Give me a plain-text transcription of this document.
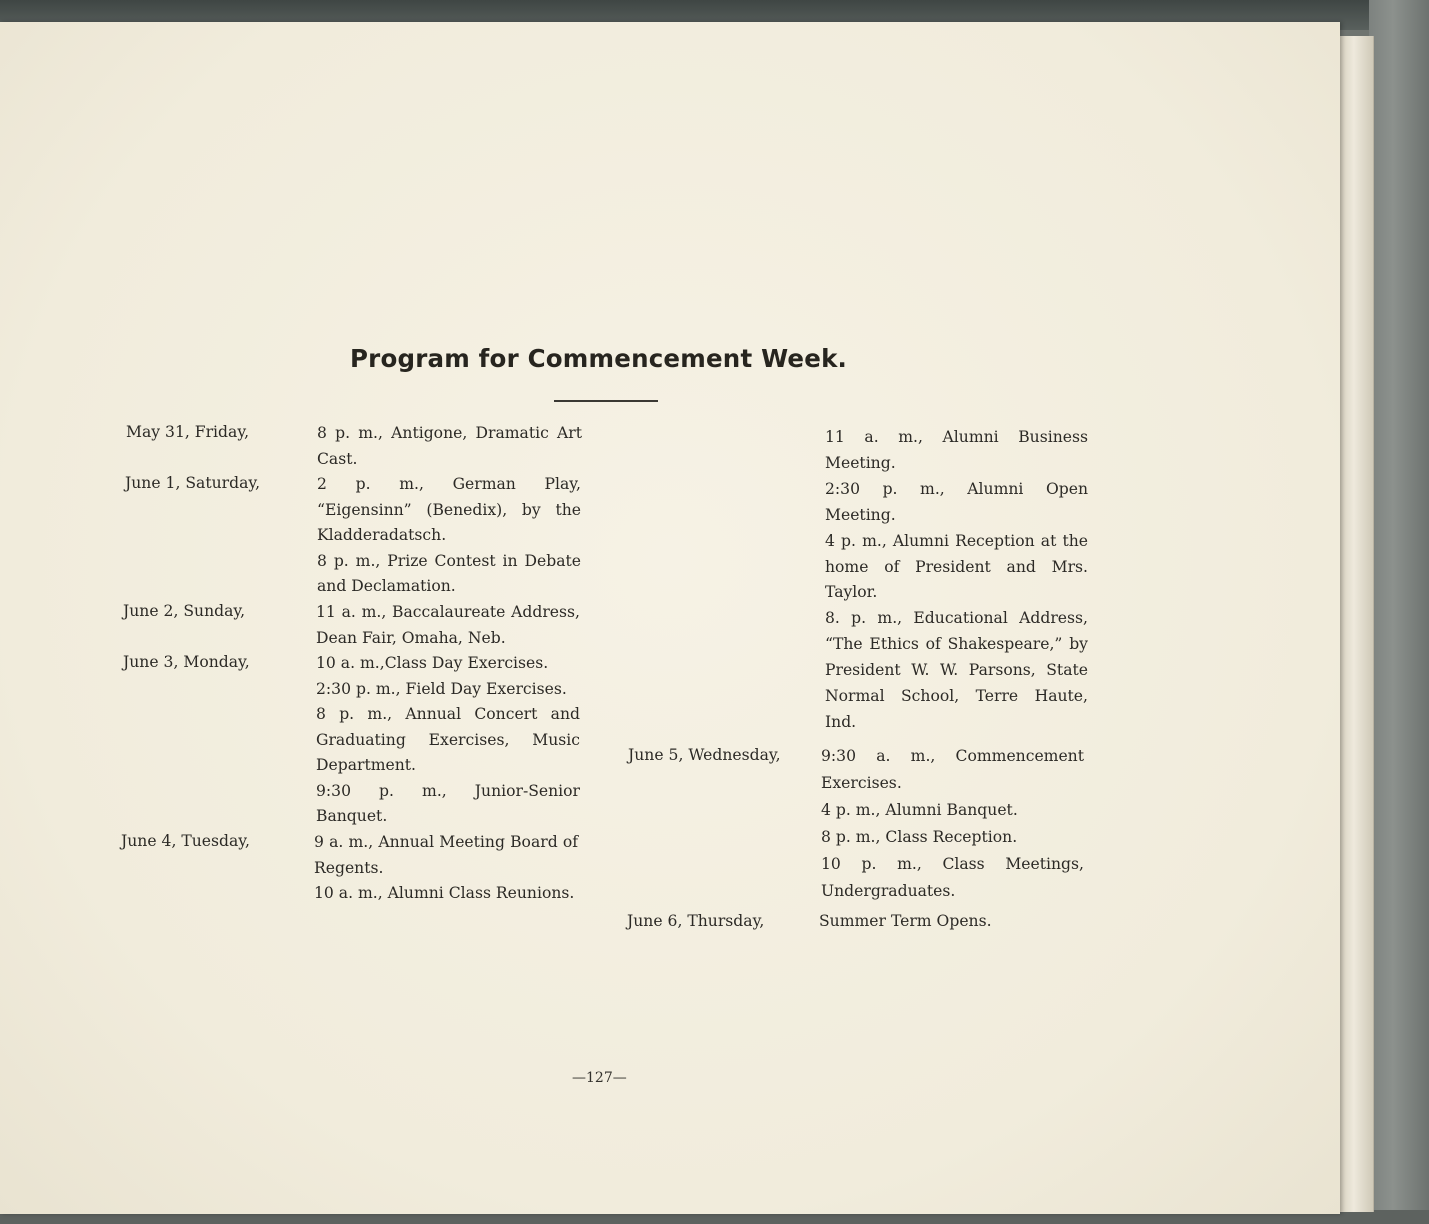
Program for Commencement Week.
May 31, Friday,	8 p. m., Antigone, Dramatic Art Cast.
June 1, Saturday,	2 p. m., German Play, “Eigensinn” (Benedix), by the Kladderadatsch.
8 p. m., Prize Contest in Debate and Declamation.
June 2, Sunday,	11 a. m., Baccalaureate Address, Dean Fair, Omaha, Neb.
June 3, Monday,	10 a. m.,Class Day Exercises.
2:30 p. m., Field Day Exercises.
8 p. m., Annual Concert and Graduating Exercises, Music Department.
9:30 p. m., Junior-Senior Banquet.
June 4, Tuesday,	9 a. m., Annual Meeting Board of Regents.
10 a. m., Alumni Class Reunions.
11 a. m., Alumni Business Meeting.
2:30 p. m., Alumni Open Meeting.
4 p. m., Alumni Reception at the home of President and Mrs. Taylor.
8. p. m., Educational Address, “The Ethics of Shakespeare,” by President W. W. Parsons, State Normal School, Terre Haute, Ind.
June 5, Wednesday,	9:30 a. m., Commencement Exercises.
4 p. m., Alumni Banquet.
8 p. m., Class Reception.
10 p. m., Class Meetings, Undergraduates.
June 6, Thursday,	Summer Term Opens.
—127—
